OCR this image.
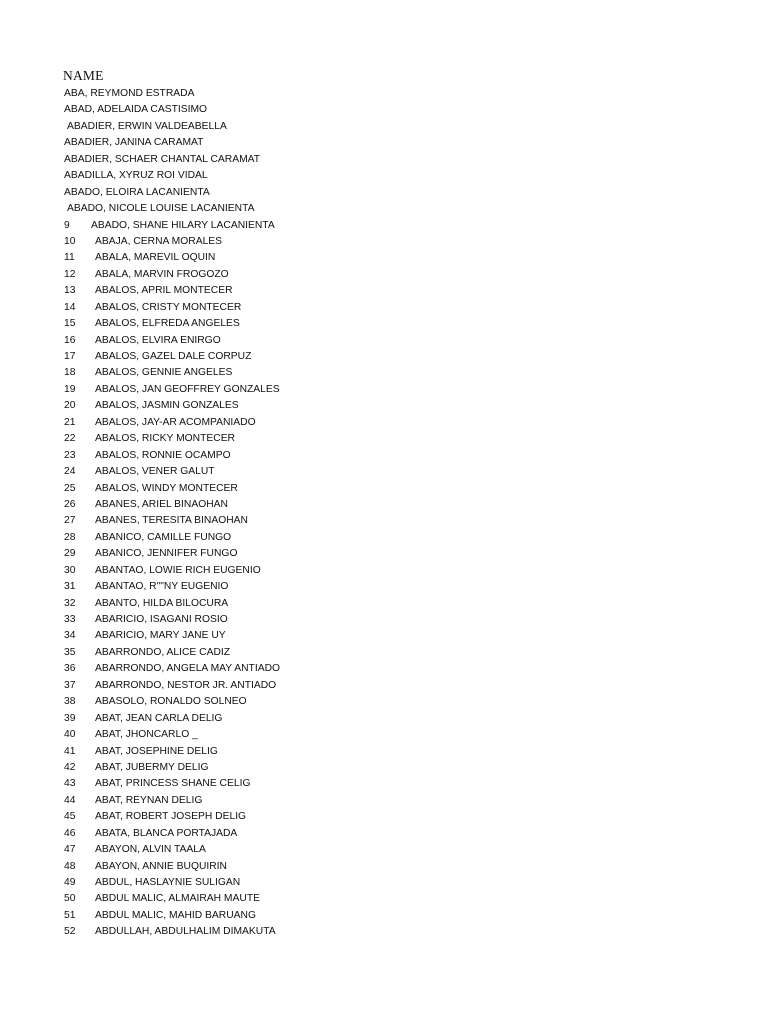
NAME
ABA, REYMOND ESTRADA
ABAD, ADELAIDA CASTISIMO
ABADIER, ERWIN VALDEABELLA
ABADIER, JANINA CARAMAT
ABADIER, SCHAER CHANTAL CARAMAT
ABADILLA, XYRUZ ROI VIDAL
ABADO, ELOIRA LACANIENTA
ABADO, NICOLE LOUISE LACANIENTA
9 ABADO, SHANE HILARY LACANIENTA
10 ABAJA, CERNA MORALES
11 ABALA, MAREVIL OQUIN
12 ABALA, MARVIN FROGOZO
13 ABALOS, APRIL MONTECER
14 ABALOS, CRISTY MONTECER
15 ABALOS, ELFREDA ANGELES
16 ABALOS, ELVIRA ENIRGO
17 ABALOS, GAZEL DALE CORPUZ
18 ABALOS, GENNIE ANGELES
19 ABALOS, JAN GEOFFREY GONZALES
20 ABALOS, JASMIN GONZALES
21 ABALOS, JAY-AR ACOMPANIADO
22 ABALOS, RICKY MONTECER
23 ABALOS, RONNIE OCAMPO
24 ABALOS, VENER GALUT
25 ABALOS, WINDY MONTECER
26 ABANES, ARIEL BINAOHAN
27 ABANES, TERESITA BINAOHAN
28 ABANICO, CAMILLE FUNGO
29 ABANICO, JENNIFER FUNGO
30 ABANTAO, LOWIE RICH EUGENIO
31 ABANTAO, R""NY EUGENIO
32 ABANTO, HILDA BILOCURA
33 ABARICIO, ISAGANI ROSIO
34 ABARICIO, MARY JANE UY
35 ABARRONDO, ALICE CADIZ
36 ABARRONDO, ANGELA MAY ANTIADO
37 ABARRONDO, NESTOR JR. ANTIADO
38 ABASOLO, RONALDO SOLNEO
39 ABAT, JEAN CARLA DELIG
40 ABAT, JHONCARLO _
41 ABAT, JOSEPHINE DELIG
42 ABAT, JUBERMY DELIG
43 ABAT, PRINCESS SHANE CELIG
44 ABAT, REYNAN DELIG
45 ABAT, ROBERT JOSEPH DELIG
46 ABATA, BLANCA PORTAJADA
47 ABAYON, ALVIN TAALA
48 ABAYON, ANNIE BUQUIRIN
49 ABDUL, HASLAYNIE SULIGAN
50 ABDUL MALIC, ALMAIRAH MAUTE
51 ABDUL MALIC, MAHID BARUANG
52 ABDULLAH, ABDULHALIM DIMAKUTA
